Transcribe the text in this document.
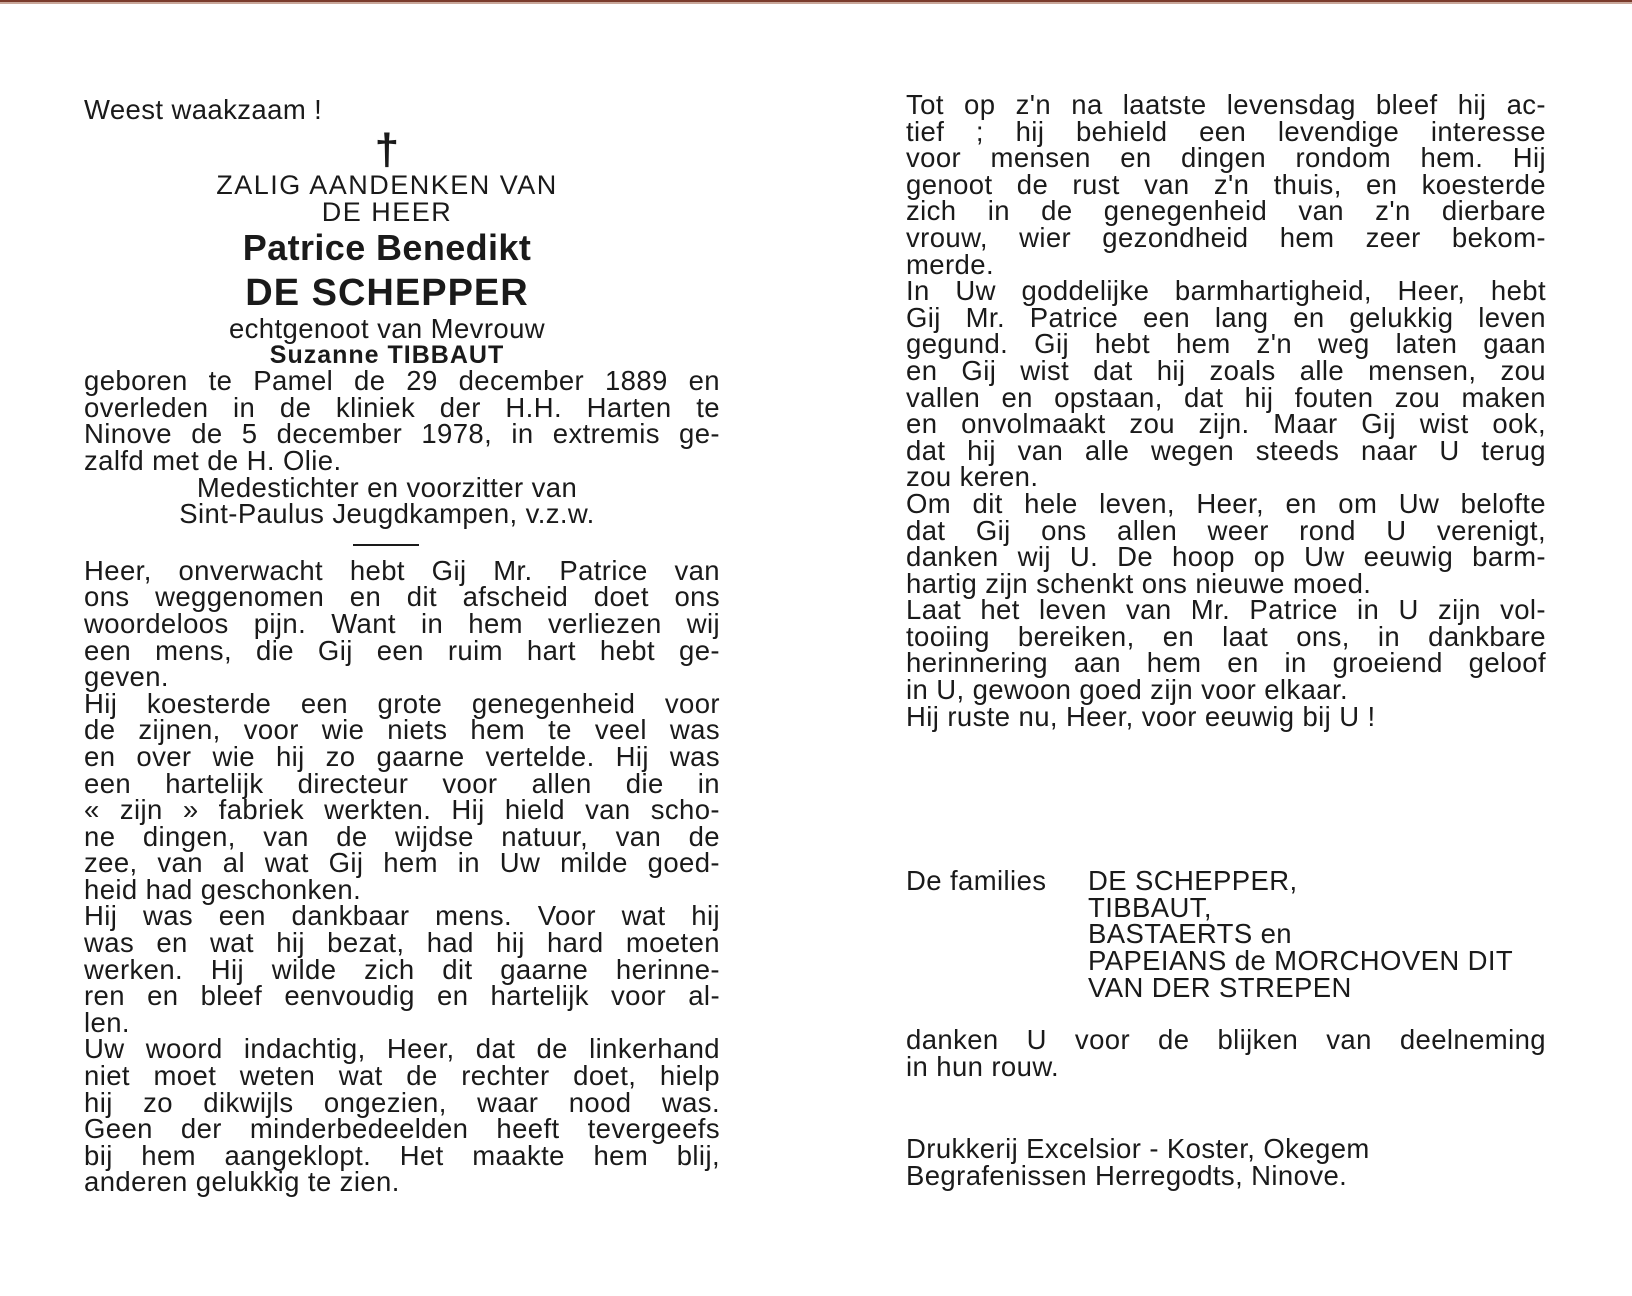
Weest waakzaam !
†
ZALIG AANDENKEN VAN
DE HEER
Patrice Benedikt
DE SCHEPPER
echtgenoot van Mevrouw
Suzanne TIBBAUT
geboren te Pamel de 29 december 1889 en
overleden in de kliniek der H.H. Harten te
Ninove de 5 december 1978, in extremis ge-
zalfd met de H. Olie.
Medestichter en voorzitter van
Sint-Paulus Jeugdkampen, v.z.w.
Heer, onverwacht hebt Gij Mr. Patrice van
ons weggenomen en dit afscheid doet ons
woordeloos pijn. Want in hem verliezen wij
een mens, die Gij een ruim hart hebt ge-
geven.
Hij koesterde een grote genegenheid voor
de zijnen, voor wie niets hem te veel was
en over wie hij zo gaarne vertelde. Hij was
een hartelijk directeur voor allen die in
« zijn » fabriek werkten. Hij hield van scho-
ne dingen, van de wijdse natuur, van de
zee, van al wat Gij hem in Uw milde goed-
heid had geschonken.
Hij was een dankbaar mens. Voor wat hij
was en wat hij bezat, had hij hard moeten
werken. Hij wilde zich dit gaarne herinne-
ren en bleef eenvoudig en hartelijk voor al-
len.
Uw woord indachtig, Heer, dat de linkerhand
niet moet weten wat de rechter doet, hielp
hij zo dikwijls ongezien, waar nood was.
Geen der minderbedeelden heeft tevergeefs
bij hem aangeklopt. Het maakte hem blij,
anderen gelukkig te zien.
Tot op z'n na laatste levensdag bleef hij ac-
tief ; hij behield een levendige interesse
voor mensen en dingen rondom hem. Hij
genoot de rust van z'n thuis, en koesterde
zich in de genegenheid van z'n dierbare
vrouw, wier gezondheid hem zeer bekom-
merde.
In Uw goddelijke barmhartigheid, Heer, hebt
Gij Mr. Patrice een lang en gelukkig leven
gegund. Gij hebt hem z'n weg laten gaan
en Gij wist dat hij zoals alle mensen, zou
vallen en opstaan, dat hij fouten zou maken
en onvolmaakt zou zijn. Maar Gij wist ook,
dat hij van alle wegen steeds naar U terug
zou keren.
Om dit hele leven, Heer, en om Uw belofte
dat Gij ons allen weer rond U verenigt,
danken wij U. De hoop op Uw eeuwig barm-
hartig zijn schenkt ons nieuwe moed.
Laat het leven van Mr. Patrice in U zijn vol-
tooiing bereiken, en laat ons, in dankbare
herinnering aan hem en in groeiend geloof
in U, gewoon goed zijn voor elkaar.
Hij ruste nu, Heer, voor eeuwig bij U !
De families	DE SCHEPPER,
TIBBAUT,
BASTAERTS en
PAPEIANS de MORCHOVEN DIT
VAN DER STREPEN
danken U voor de blijken van deelneming
in hun rouw.
Drukkerij Excelsior - Koster, Okegem
Begrafenissen Herregodts, Ninove.
